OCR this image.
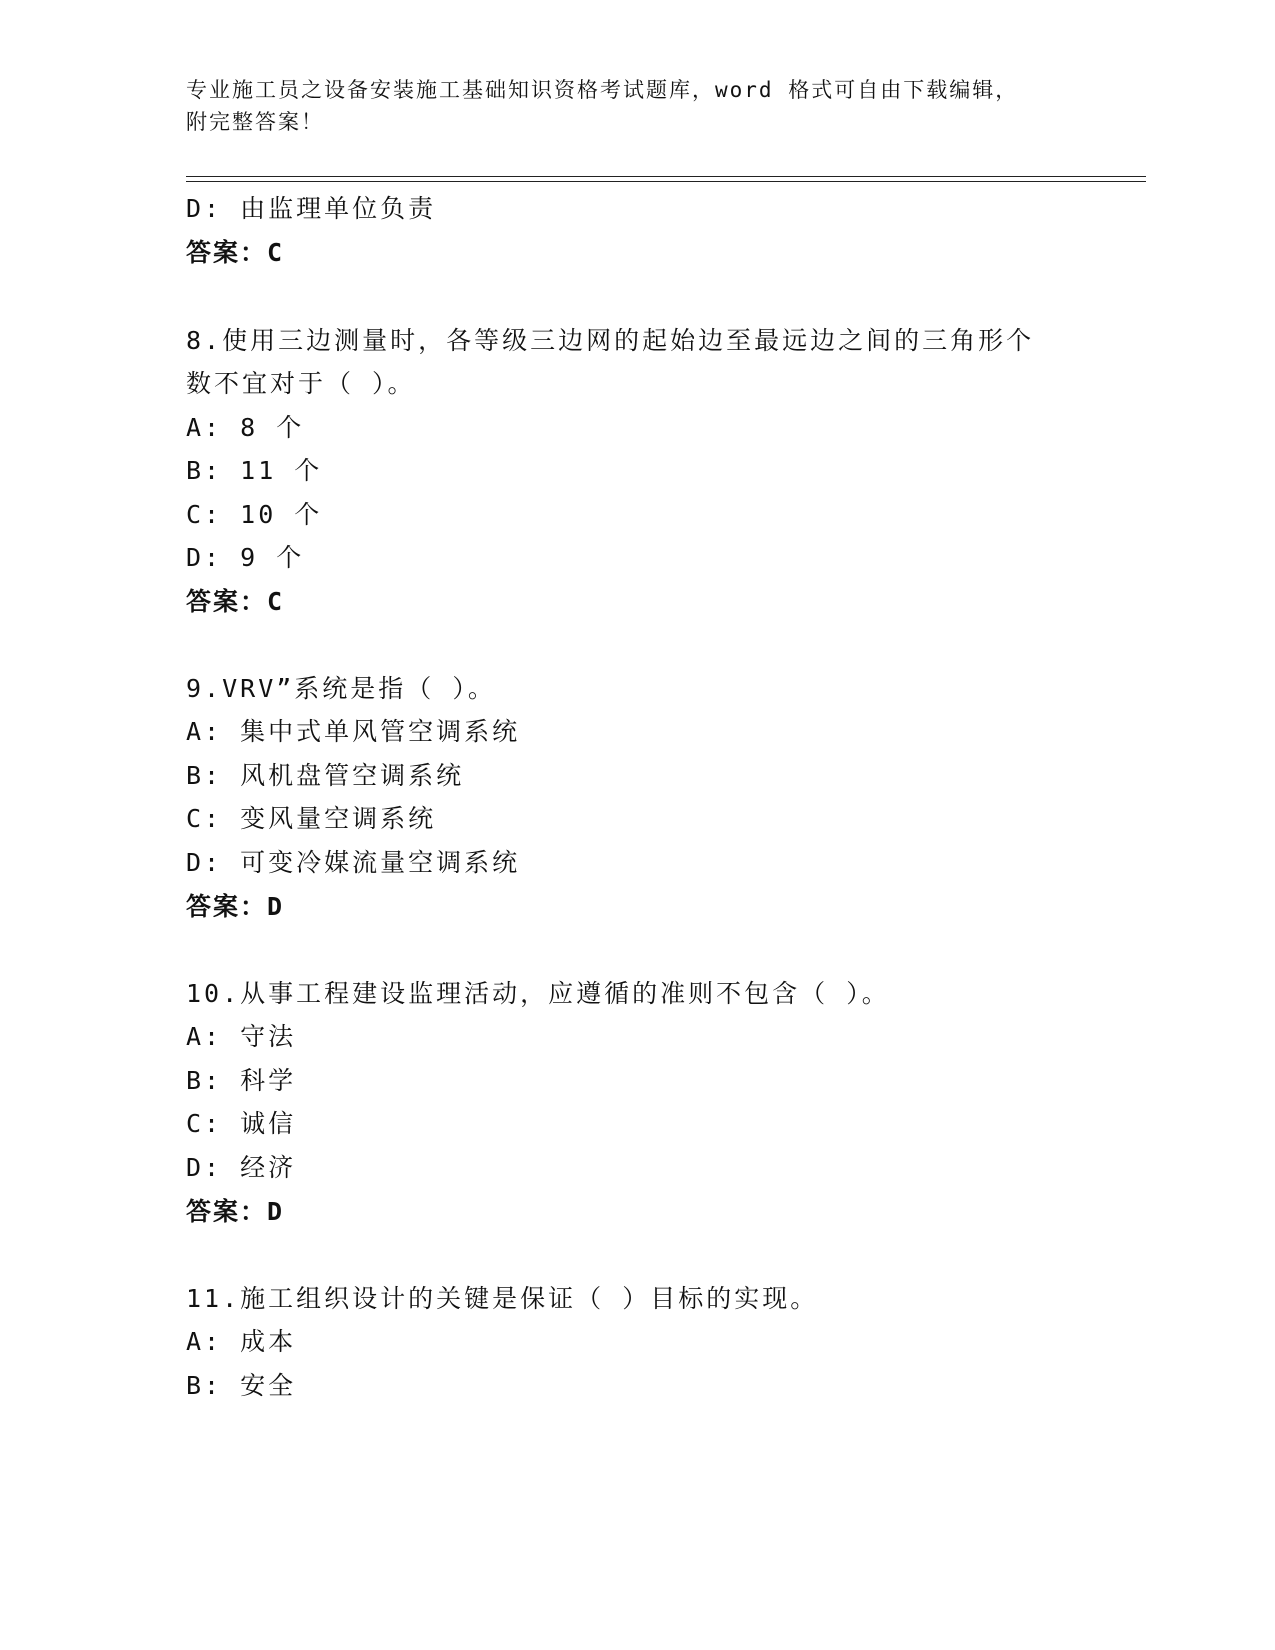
专业施工员之设备安装施工基础知识资格考试题库，word 格式可自由下载编辑，
附完整答案！
D: 由监理单位负责
答案：C
8.使用三边测量时，各等级三边网的起始边至最远边之间的三角形个
数不宜对于（ ）。
A: 8 个
B: 11 个
C: 10 个
D: 9 个
答案：C
9.VRV”系统是指（ ）。
A: 集中式单风管空调系统
B: 风机盘管空调系统
C: 变风量空调系统
D: 可变冷媒流量空调系统
答案：D
10.从事工程建设监理活动，应遵循的准则不包含（ ）。
A: 守法
B: 科学
C: 诚信
D: 经济
答案：D
11.施工组织设计的关键是保证（ ）目标的实现。
A: 成本
B: 安全
